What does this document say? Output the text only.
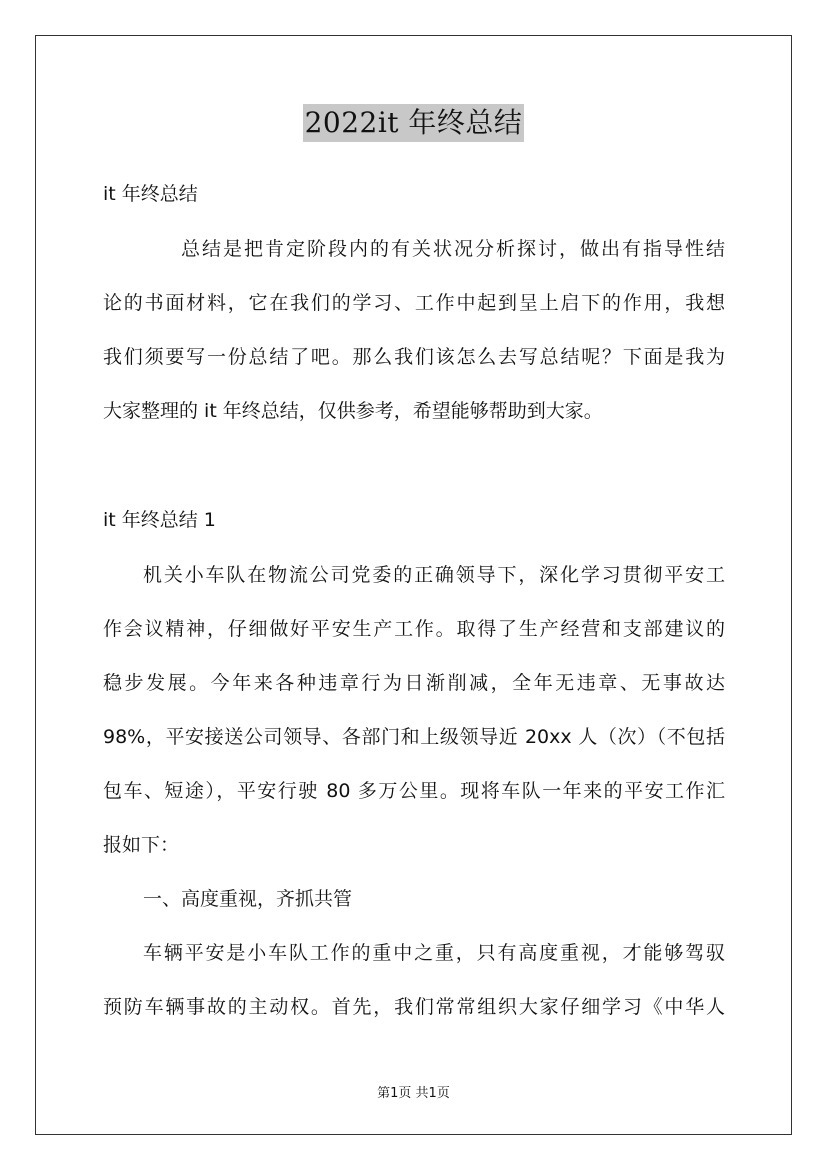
2022it 年终总结
it 年终总结
总结是把肯定阶段内的有关状况分析探讨，做出有指导性结
论的书面材料，它在我们的学习、工作中起到呈上启下的作用，我想
我们须要写一份总结了吧。那么我们该怎么去写总结呢？下面是我为
大家整理的 it 年终总结，仅供参考，希望能够帮助到大家。
it 年终总结 1
机关小车队在物流公司党委的正确领导下，深化学习贯彻平安工
作会议精神，仔细做好平安生产工作。取得了生产经营和支部建议的
稳步发展。今年来各种违章行为日渐削减，全年无违章、无事故达
98%，平安接送公司领导、各部门和上级领导近 20xx 人（次）（不包括
包车、短途），平安行驶 80 多万公里。现将车队一年来的平安工作汇
报如下：
一、高度重视，齐抓共管
车辆平安是小车队工作的重中之重，只有高度重视，才能够驾驭
预防车辆事故的主动权。首先，我们常常组织大家仔细学习《中华人
第1页 共1页
